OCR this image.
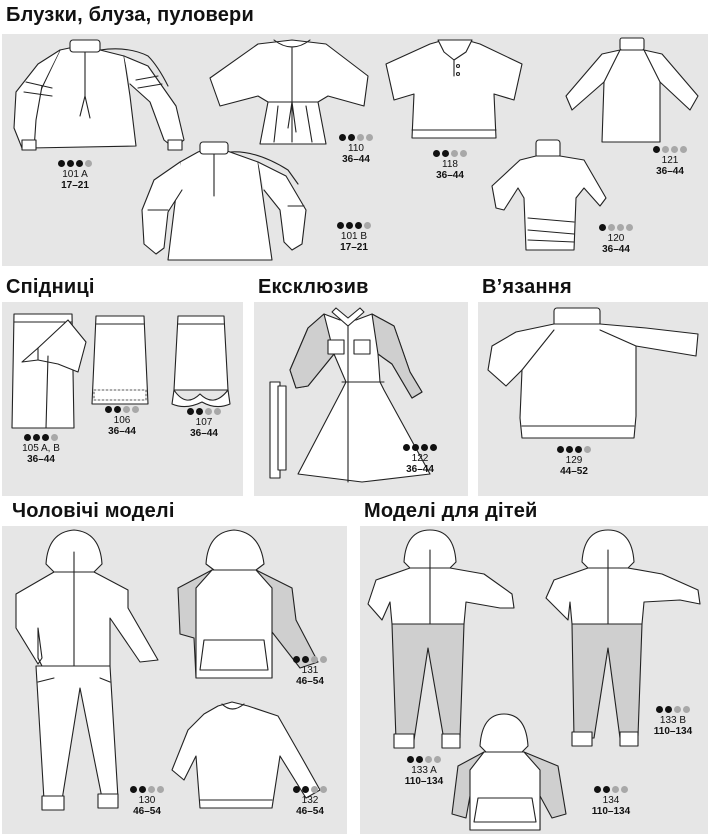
Блузки, блуза, пуловери
Спідниці	Ексклюзив	В’язання
Чоловічі моделі	Моделі для дітей
101 A
17–21
110
36–44	118
36–44
121
36–44
101 B
17–21
120
36–44
105 A, B
36–44
106
36–44
107
36–44
122
36–44
129
44–52
130
46–54
131
46–54
132
46–54
133 A
110–134
133 B
110–134
134
110–134
